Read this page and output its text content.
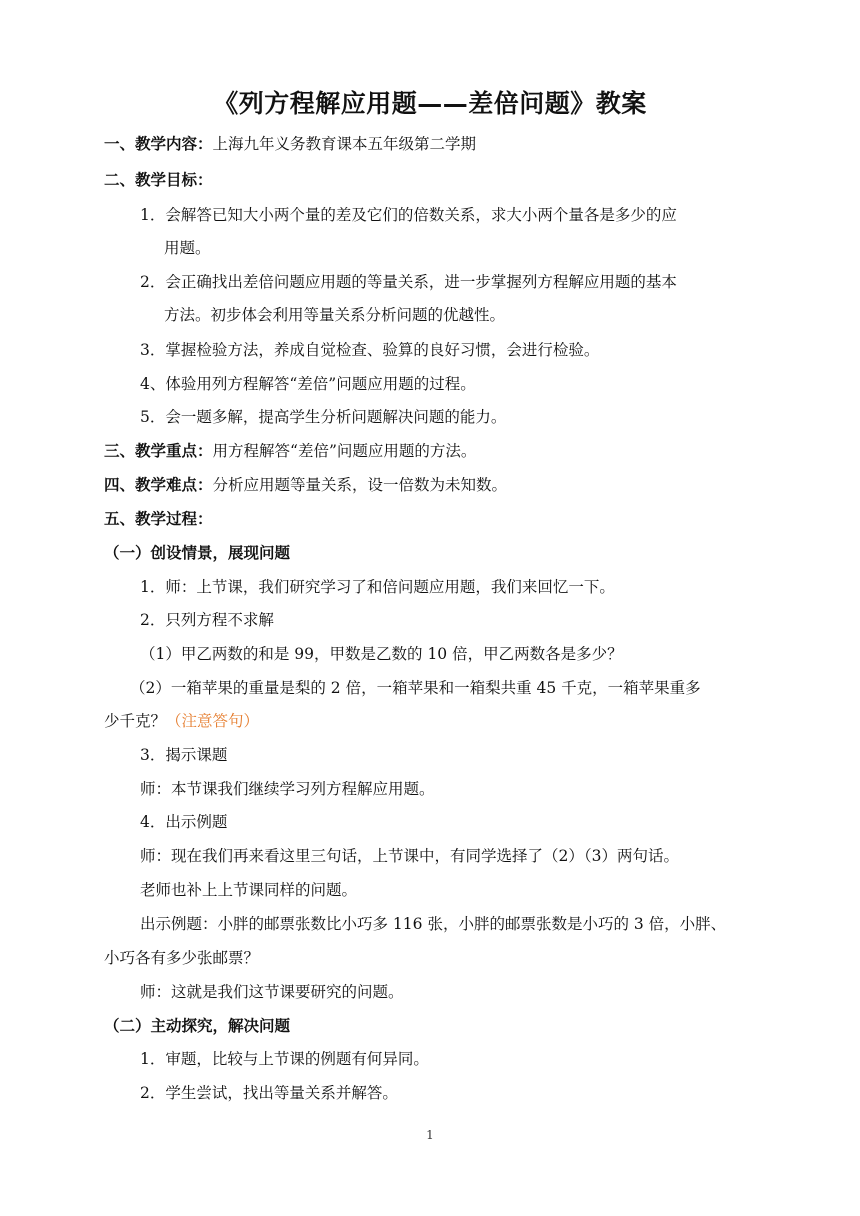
《列方程解应用题——差倍问题》教案

一、教学内容：上海九年义务教育课本五年级第二学期

二、教学目标：

1．会解答已知大小两个量的差及它们的倍数关系，求大小两个量各是多少的应

用题。

2．会正确找出差倍问题应用题的等量关系，进一步掌握列方程解应用题的基本

方法。初步体会利用等量关系分析问题的优越性。

3．掌握检验方法，养成自觉检查、验算的良好习惯，会进行检验。

4、体验用列方程解答“差倍”问题应用题的过程。

5．会一题多解，提高学生分析问题解决问题的能力。

三、教学重点：用方程解答“差倍”问题应用题的方法。

四、教学难点：分析应用题等量关系，设一倍数为未知数。

五、教学过程：

（一）创设情景，展现问题

1．师：上节课，我们研究学习了和倍问题应用题，我们来回忆一下。

2．只列方程不求解

（1）甲乙两数的和是 99，甲数是乙数的 10 倍，甲乙两数各是多少？

（2）一箱苹果的重量是梨的 2 倍，一箱苹果和一箱梨共重 45 千克，一箱苹果重多

少千克？（注意答句）

3．揭示课题

师：本节课我们继续学习列方程解应用题。

4．出示例题

师：现在我们再来看这里三句话，上节课中，有同学选择了（2）（3）两句话。

老师也补上上节课同样的问题。

出示例题：小胖的邮票张数比小巧多 116 张，小胖的邮票张数是小巧的 3 倍，小胖、

小巧各有多少张邮票？

师：这就是我们这节课要研究的问题。

（二）主动探究，解决问题

1．审题，比较与上节课的例题有何异同。

2．学生尝试，找出等量关系并解答。

1
